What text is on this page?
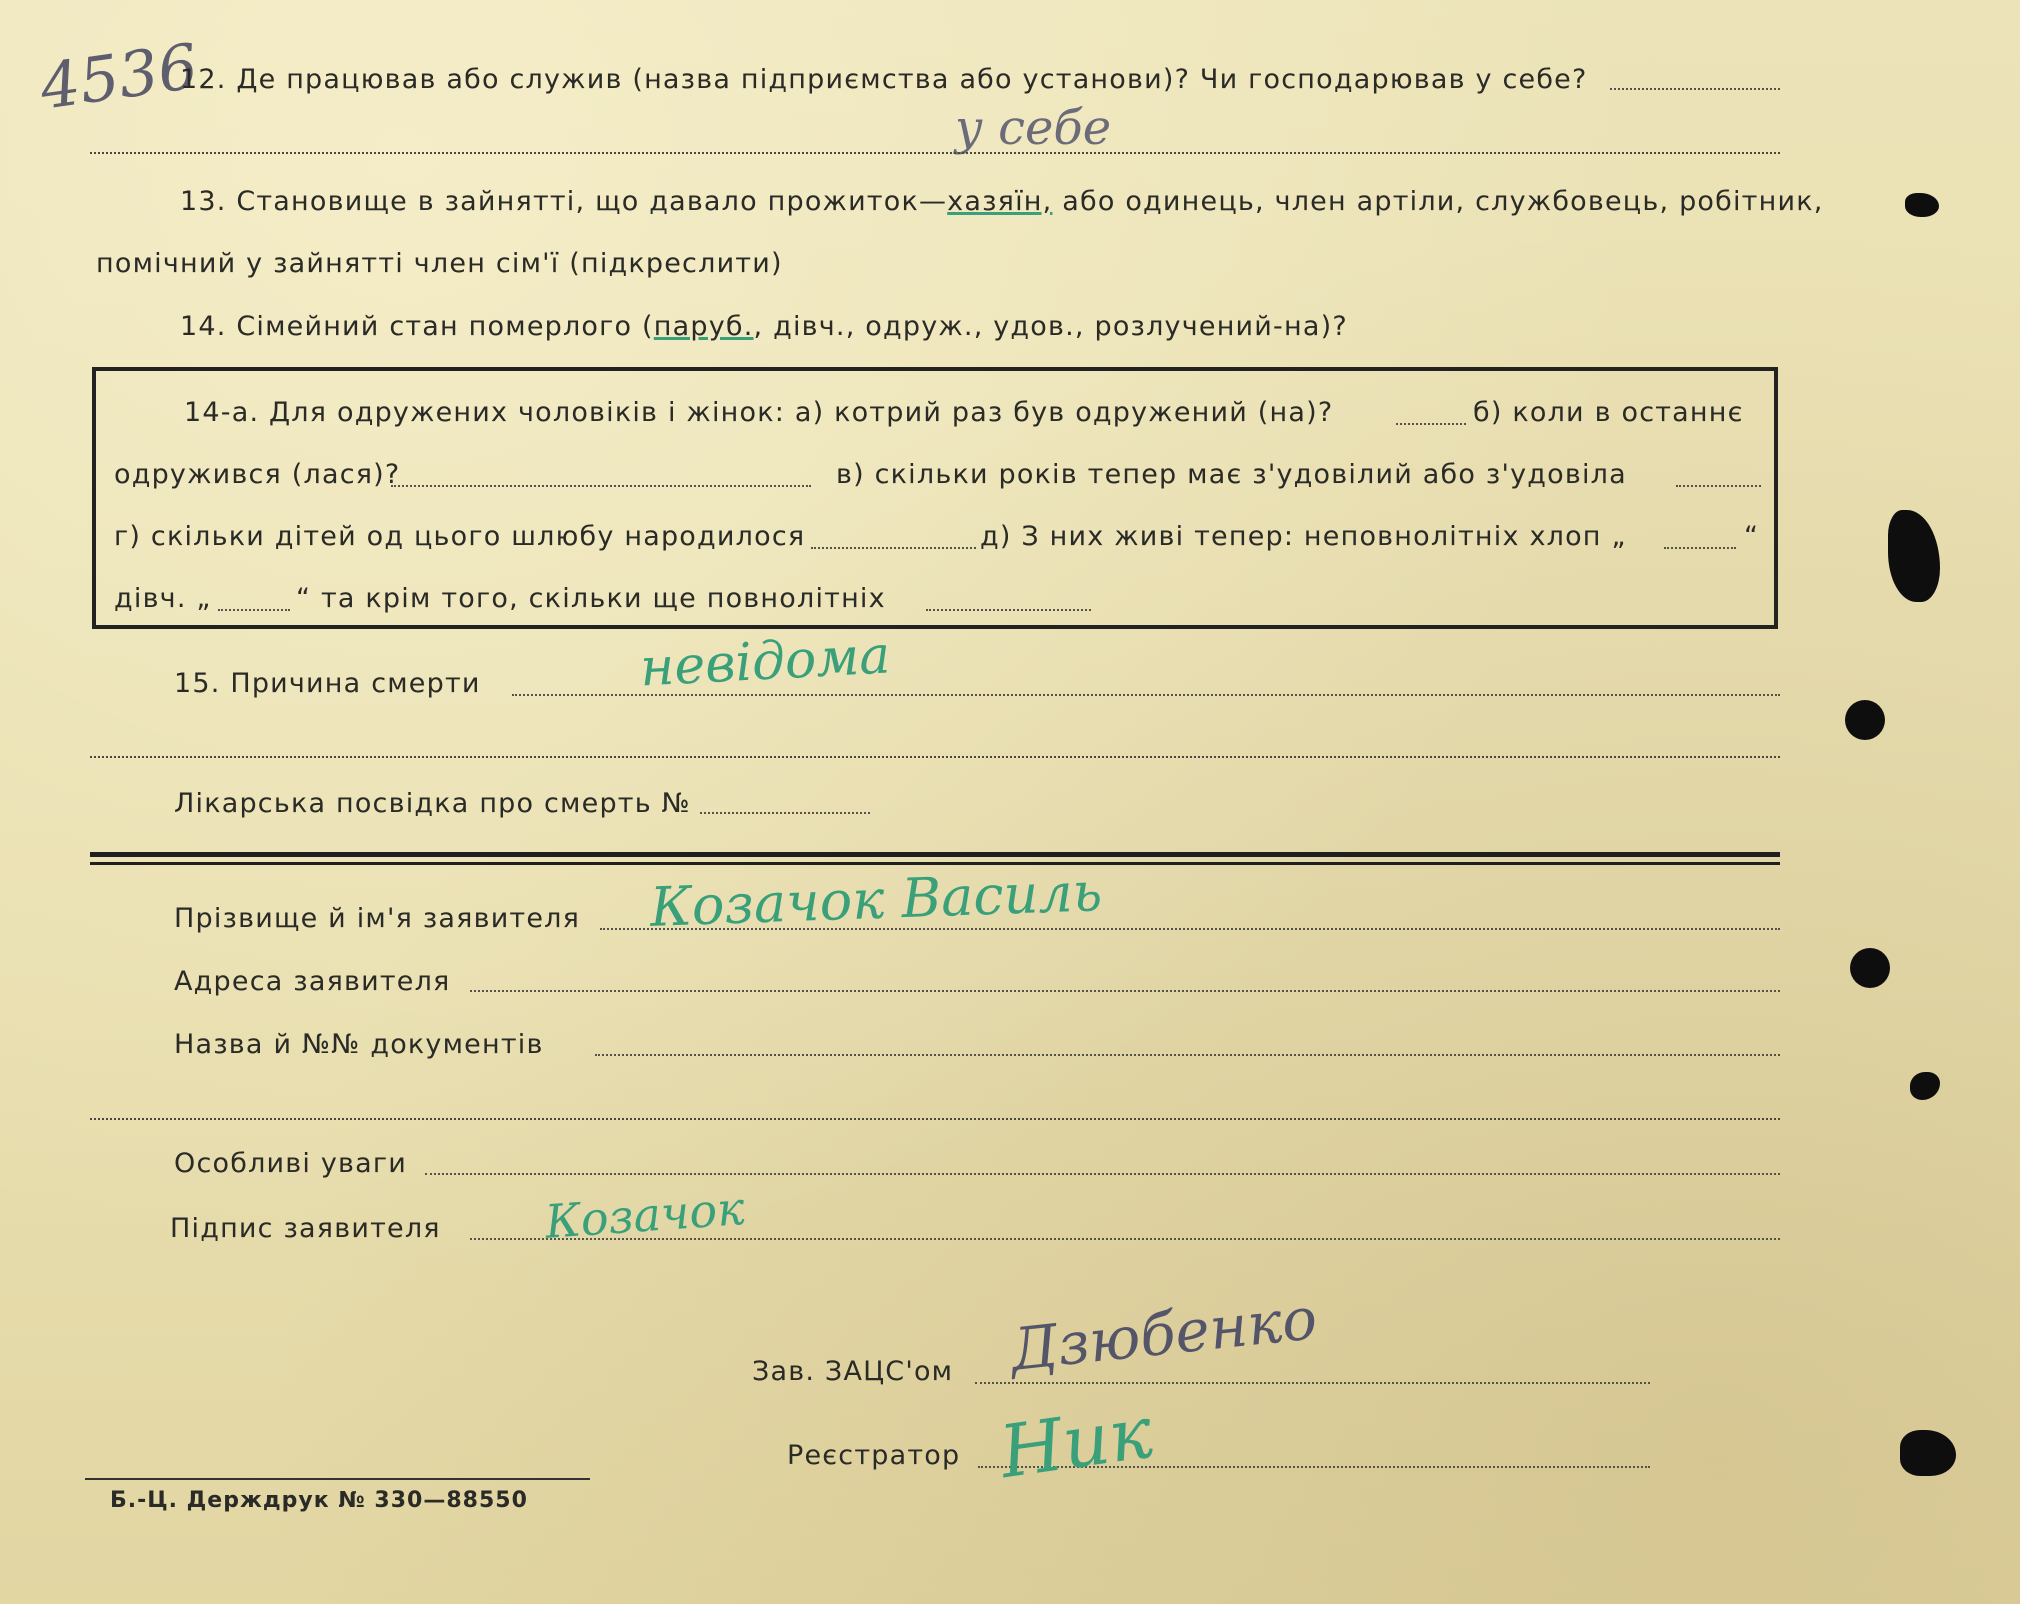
4536
12. Де працював або служив (назва підприємства або установи)? Чи господарював у себе?
у себе
13. Становище в зайнятті, що давало прожиток—хазяїн, або одинець, член артіли, службовець, робітник,
помічний у зайнятті член сім'ї (підкреслити)
14. Сімейний стан померлого (паруб., дівч., одруж., удов., розлучений-на)?
14-а. Для одружених чоловіків і жінок: а) котрий раз був одружений (на)?	б) коли в останнє
одружився (лася)?	в) скільки років тепер має з'удовілий або з'удовіла
г) скільки дітей од цього шлюбу народилося	д) З них живі тепер: неповнолітніх хлоп „	“
дівч. „	“ та крім того, скільки ще повнолітніх
15. Причина смерти	невідома
Лікарська посвідка про смерть №
Прізвище й ім'я заявителя Козачок Василь
Адреса заявителя
Назва й №№ документів
Особливі уваги
Підпис заявителя Козачок
Зав. ЗАЦС'ом Дзюбенко
Реєстратор Ник
Б.-Ц. Держдрук № 330—88550
